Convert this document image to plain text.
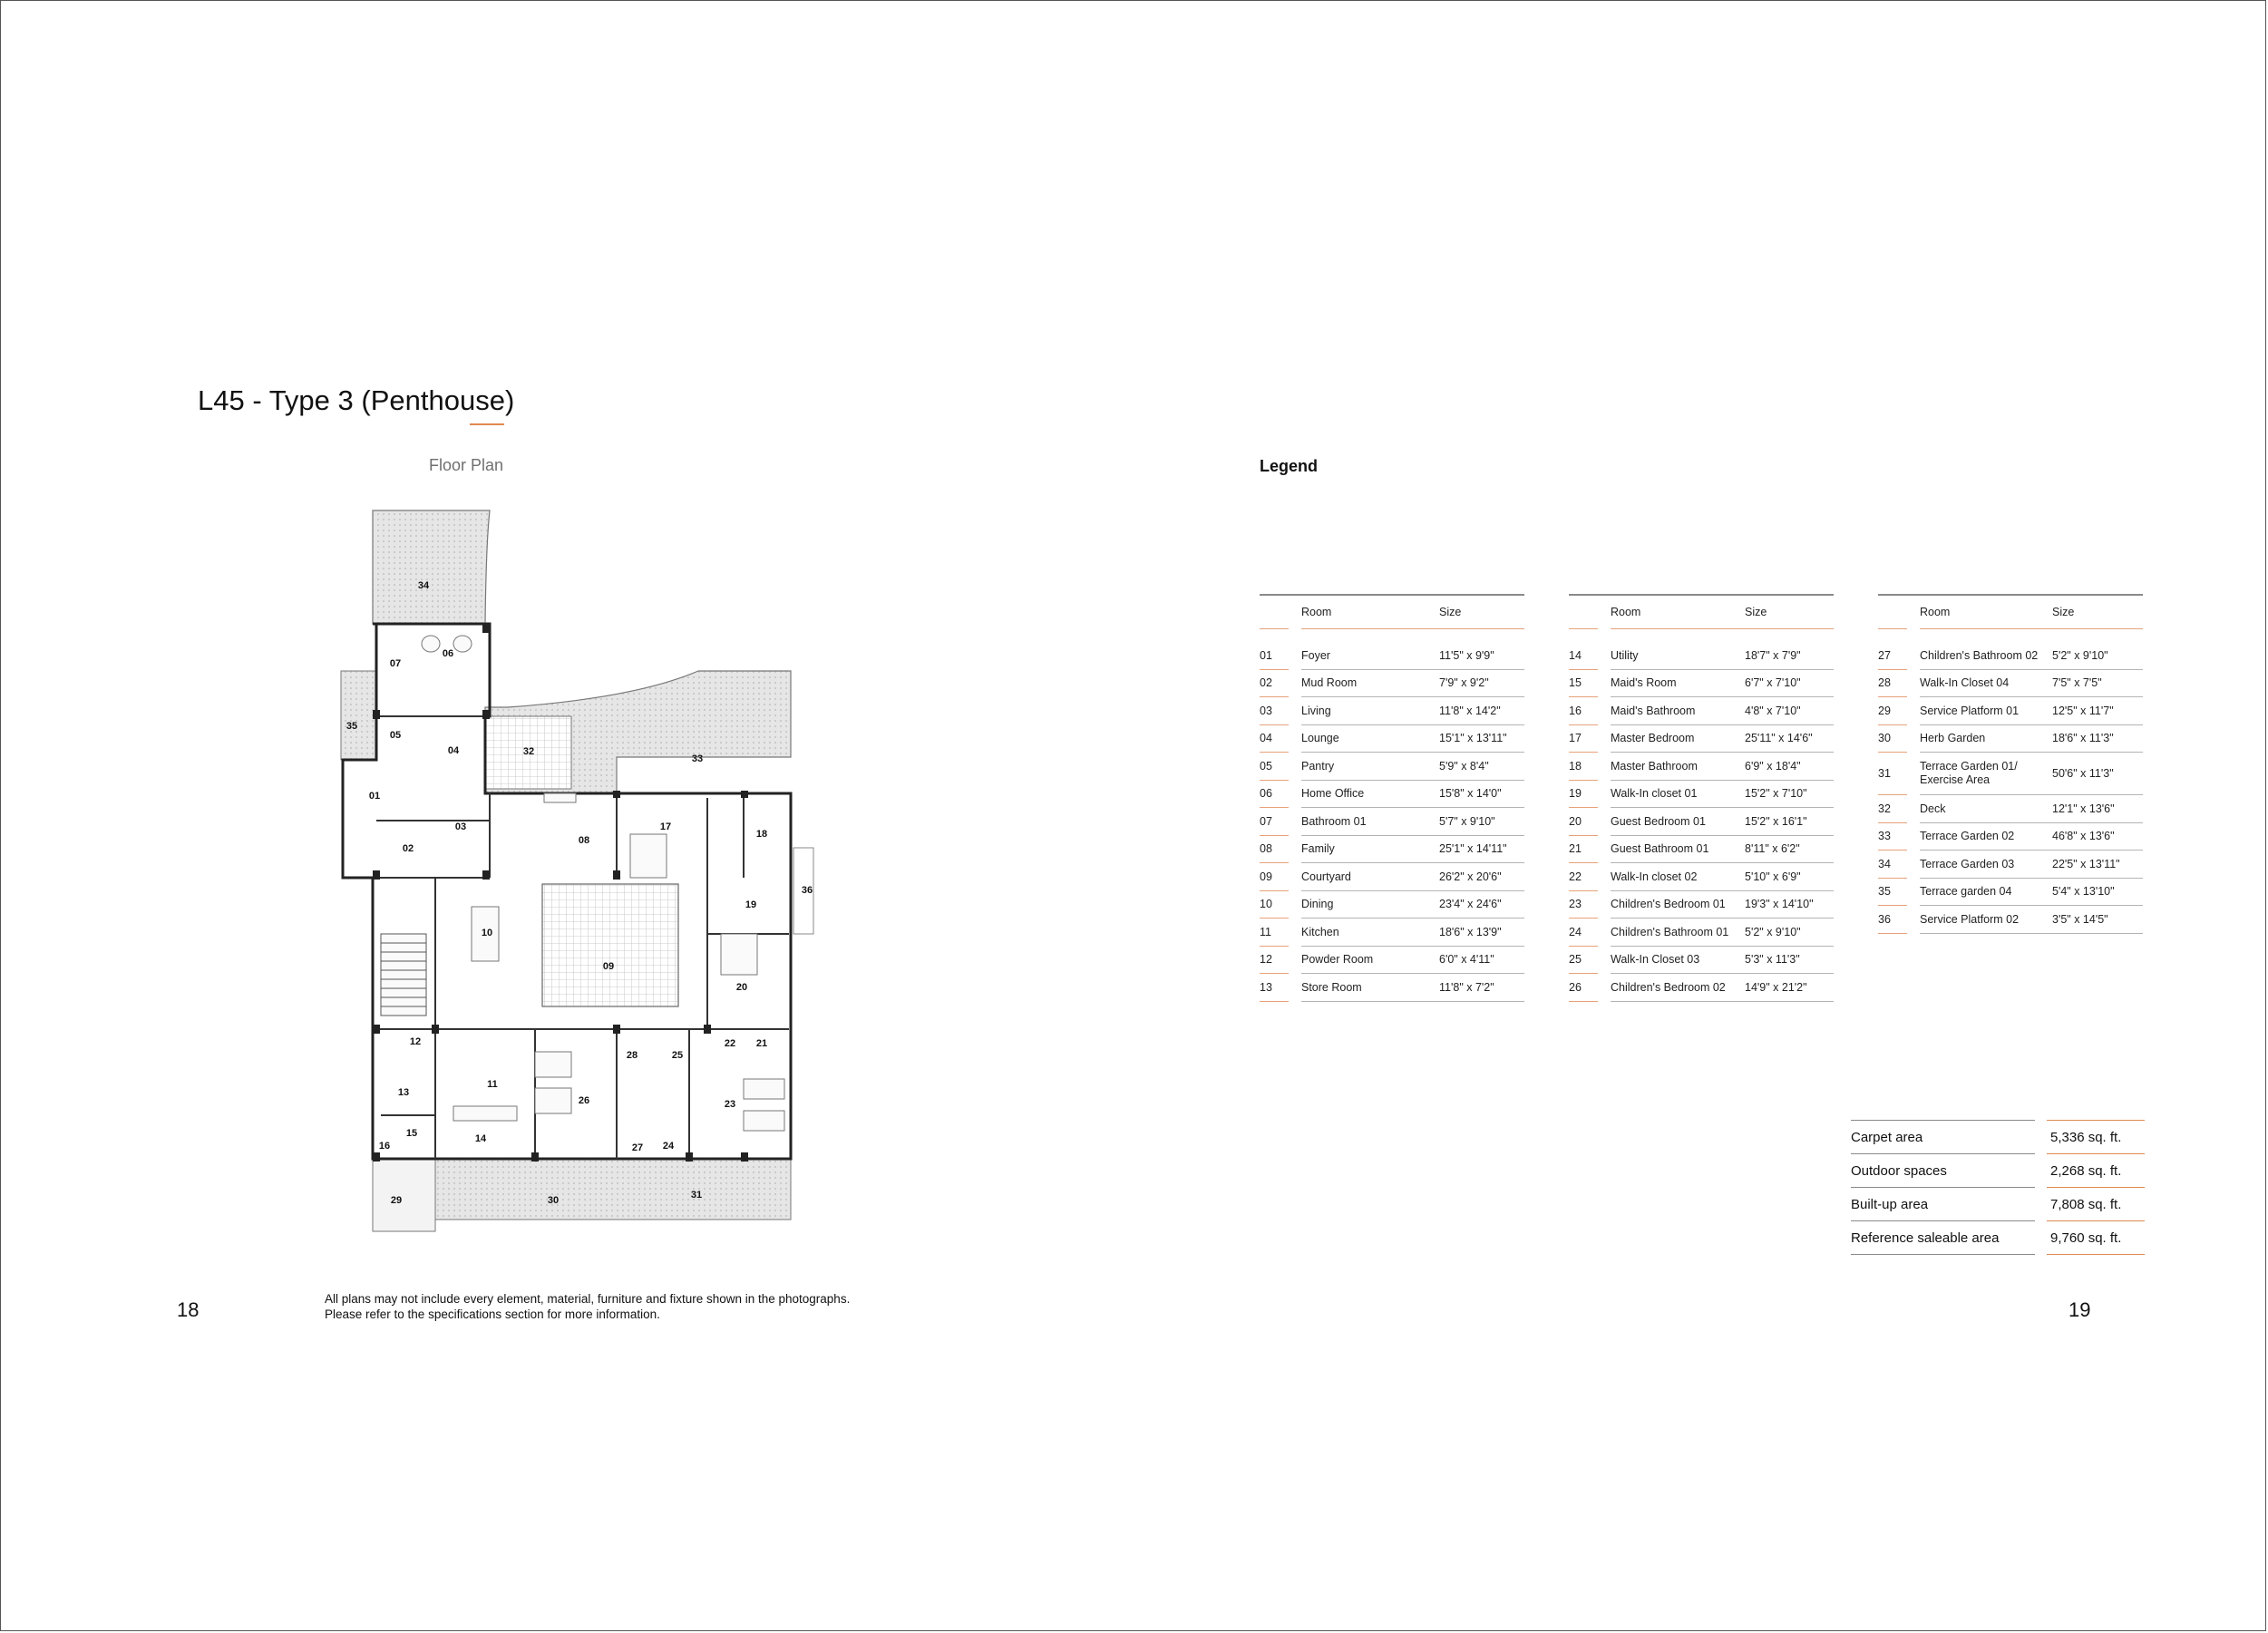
L45 - Type 3 (Penthouse)
Floor Plan	Legend
01
02
03
04
05
06
07
08
09
10
11
12
13
14
15
16
17
18
19
20
21
22
23
24
25
26
27
28
29	30	31
32
33
34
35
36
		Room	Size
01		Foyer	11'5" x 9'9"
02		Mud Room	7'9" x 9'2"
03		Living	11'8" x 14'2"
04		Lounge	15'1" x 13'11"
05		Pantry	5'9" x 8'4"
06		Home Office	15'8" x 14'0"
07		Bathroom 01	5'7" x 9'10"
08		Family	25'1" x 14'11"
09		Courtyard	26'2" x 20'6"
10		Dining	23'4" x 24'6"
11		Kitchen	18'6" x 13'9"
12		Powder Room	6'0" x 4'11"
13		Store Room	11'8" x 7'2"
		Room	Size
14		Utility	18'7" x 7'9"
15		Maid's Room	6'7" x 7'10"
16		Maid's Bathroom	4'8" x 7'10"
17		Master Bedroom	25'11" x 14'6"
18		Master Bathroom	6'9" x 18'4"
19		Walk-In closet 01	15'2" x 7'10"
20		Guest Bedroom 01	15'2" x 16'1"
21		Guest Bathroom 01	8'11" x 6'2"
22		Walk-In closet 02	5'10" x 6'9"
23		Children's Bedroom 01	19'3" x 14'10"
24		Children's Bathroom 01	5'2" x 9'10"
25		Walk-In Closet 03	5'3" x 11'3"
26		Children's Bedroom 02	14'9" x 21'2"
		Room	Size
27		Children's Bathroom 02	5'2" x 9'10"
28		Walk-In Closet 04	7'5" x 7'5"
29		Service Platform 01	12'5" x 11'7"
30		Herb Garden	18'6" x 11'3"
31		Terrace Garden 01/
Exercise Area	50'6" x 11'3"
32		Deck	12'1" x 13'6"
33		Terrace Garden 02	46'8" x 13'6"
34		Terrace Garden 03	22'5" x 13'11"
35		Terrace garden 04	5'4" x 13'10"
36		Service Platform 02	3'5" x 14'5"
Carpet area		5,336 sq. ft.
Outdoor spaces		2,268 sq. ft.
Built-up area		7,808 sq. ft.
Reference saleable area		9,760 sq. ft.
18	19
All plans may not include every element, material, furniture and fixture shown in the photographs.
Please refer to the specifications section for more information.
